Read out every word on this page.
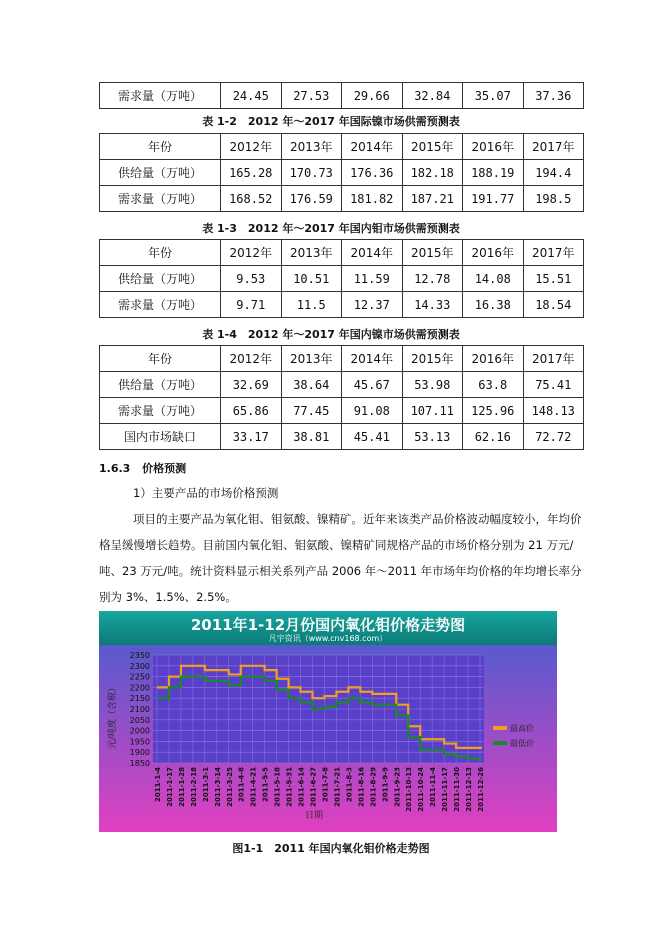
需求量（万吨）	24.45	27.53	29.66	32.84	35.07	37.36
表 1-2　2012 年～2017 年国际镍市场供需预测表
年份	2012年	2013年	2014年	2015年	2016年	2017年
供给量（万吨）	165.28	170.73	176.36	182.18	188.19	194.4
需求量（万吨）	168.52	176.59	181.82	187.21	191.77	198.5
表 1-3　2012 年～2017 年国内钼市场供需预测表
年份	2012年	2013年	2014年	2015年	2016年	2017年
供给量（万吨）	9.53	10.51	11.59	12.78	14.08	15.51
需求量（万吨）	9.71	11.5	12.37	14.33	16.38	18.54
表 1-4　2012 年～2017 年国内镍市场供需预测表
年份	2012年	2013年	2014年	2015年	2016年	2017年
供给量（万吨）	32.69	38.64	45.67	53.98	63.8	75.41
需求量（万吨）	65.86	77.45	91.08	107.11	125.96	148.13
国内市场缺口	33.17	38.81	45.41	53.13	62.16	72.72
1.6.3 价格预测
1）主要产品的市场价格预测
项目的主要产品为氧化钼、钼氨酸、镍精矿。近年来该类产品价格波动幅度较小，年均价格呈缓慢增长趋势。目前国内氧化钼、钼氨酸、镍精矿同规格产品的市场价格分别为 21 万元/吨、23 万元/吨。统计资料显示相关系列产品 2006 年～2011 年市场年均价格的年均增长率分别为 3%、1.5%、2.5%。
2011年1-12月份国内氧化钼价格走势图
凡宇资讯（www.cnv168.com）
元/吨度（含税）
日期
1850
1900
1950
2000
2050
2100
2150
2200
2250
2300
2350
2011-1-4 2011-1-17 2011-1-28 2011-2-18 2011-3-1 2011-3-14 2011-3-25 2011-4-8 2011-4-21 2011-5-5 2011-5-18 2011-5-31 2011-6-14 2011-6-27 2011-7-8 2011-7-21 2011-8-3 2011-8-16 2011-8-29 2011-9-9 2011-9-23 2011-10-13 2011-10-24 2011-11-4 2011-11-17 2011-11-30 2011-12-13 2011-12-26
最高价
最低价
图1-1　2011 年国内氧化钼价格走势图
